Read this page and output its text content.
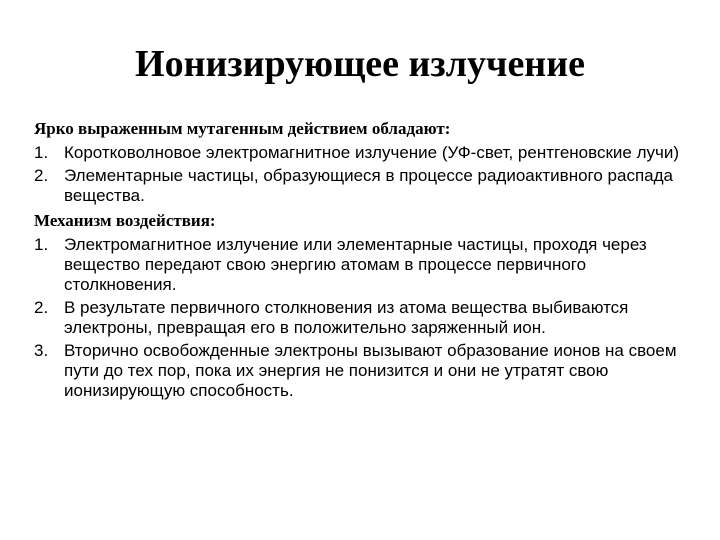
Ионизирующее излучение

Ярко выраженным мутагенным действием обладают:

1. Коротковолновое электромагнитное излучение (УФ-свет, рентгеновские лучи)
2. Элементарные частицы, образующиеся в процессе радиоактивного распада вещества.

Механизм воздействия:

1. Электромагнитное излучение или элементарные частицы, проходя через вещество передают свою энергию атомам в процессе первичного столкновения.
2. В результате первичного столкновения из атома вещества выбиваются электроны, превращая его в положительно заряженный ион.
3. Вторично освобожденные электроны вызывают образование ионов на своем пути до тех пор, пока их энергия не понизится и они не утратят свою ионизирующую способность.
